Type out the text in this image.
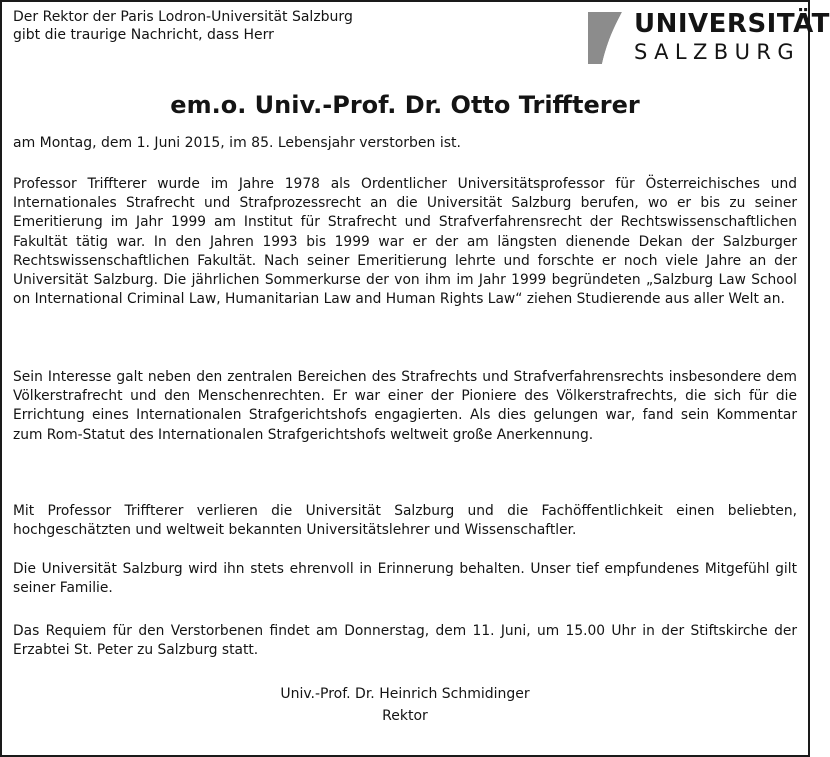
Der Rektor der Paris Lodron-Universität Salzburg
gibt die traurige Nachricht, dass Herr	UNIVERSITÄT
SALZBURG
em.o. Univ.-Prof. Dr. Otto Triffterer

am Montag, dem 1. Juni 2015, im 85. Lebensjahr verstorben ist.

Professor Triffterer wurde im Jahre 1978 als Ordentlicher Universitätsprofessor für Österreichisches und Internationales Strafrecht und Strafprozessrecht an die Universität Salzburg berufen, wo er bis zu seiner Emeritierung im Jahr 1999 am Institut für Strafrecht und Strafverfahrensrecht der Rechtswissenschaftlichen Fakultät tätig war. In den Jahren 1993 bis 1999 war er der am längsten dienende Dekan der Salzburger Rechtswissenschaftlichen Fakultät. Nach seiner Emeritierung lehrte und forschte er noch viele Jahre an der Universität Salzburg. Die jährlichen Sommerkurse der von ihm im Jahr 1999 begründeten „Salzburg Law School on International Criminal Law, Humanitarian Law and Human Rights Law“ ziehen Studierende aus aller Welt an.

Sein Interesse galt neben den zentralen Bereichen des Strafrechts und Strafverfahrensrechts insbesondere dem Völkerstrafrecht und den Menschenrechten. Er war einer der Pioniere des Völkerstrafrechts, die sich für die Errichtung eines Internationalen Strafgerichtshofs engagierten. Als dies gelungen war, fand sein Kommentar zum Rom-Statut des Internationalen Strafgerichtshofs weltweit große Anerkennung.

Mit Professor Triffterer verlieren die Universität Salzburg und die Fachöffentlichkeit einen beliebten, hochgeschätzten und weltweit bekannten Universitätslehrer und Wissenschaftler.

Die Universität Salzburg wird ihn stets ehrenvoll in Erinnerung behalten. Unser tief empfundenes Mitgefühl gilt seiner Familie.

Das Requiem für den Verstorbenen findet am Donnerstag, dem 11. Juni, um 15.00 Uhr in der Stiftskirche der Erzabtei St. Peter zu Salzburg statt.

Univ.-Prof. Dr. Heinrich Schmidinger

Rektor
